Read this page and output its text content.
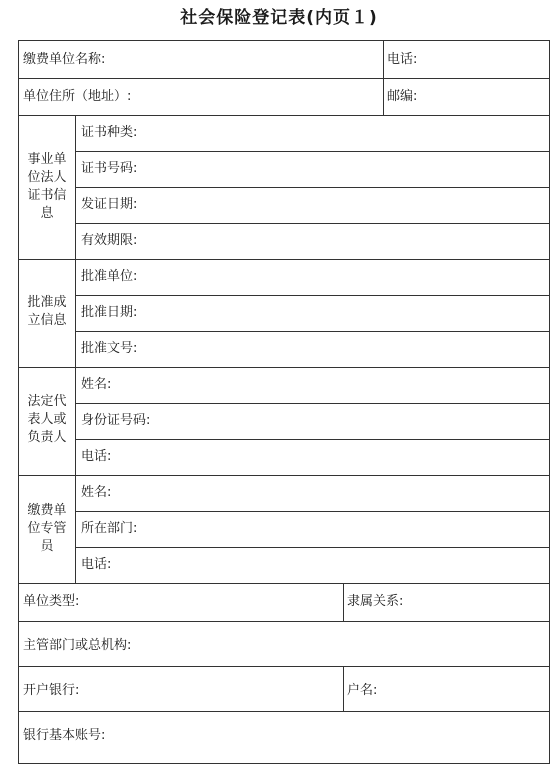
社会保险登记表(内页１)
缴费单位名称:	电话:
单位住所（地址）:	邮编:
事业单位法人证书信息
证书种类:
证书号码:
发证日期:
有效期限:
批准成立信息
批准单位:
批准日期:
批准文号:
法定代表人或负责人
姓名:
身份证号码:
电话:
缴费单位专管员
姓名:
所在部门:
电话:
单位类型:	隶属关系:
主管部门或总机构:
开户银行:	户名:
银行基本账号:
